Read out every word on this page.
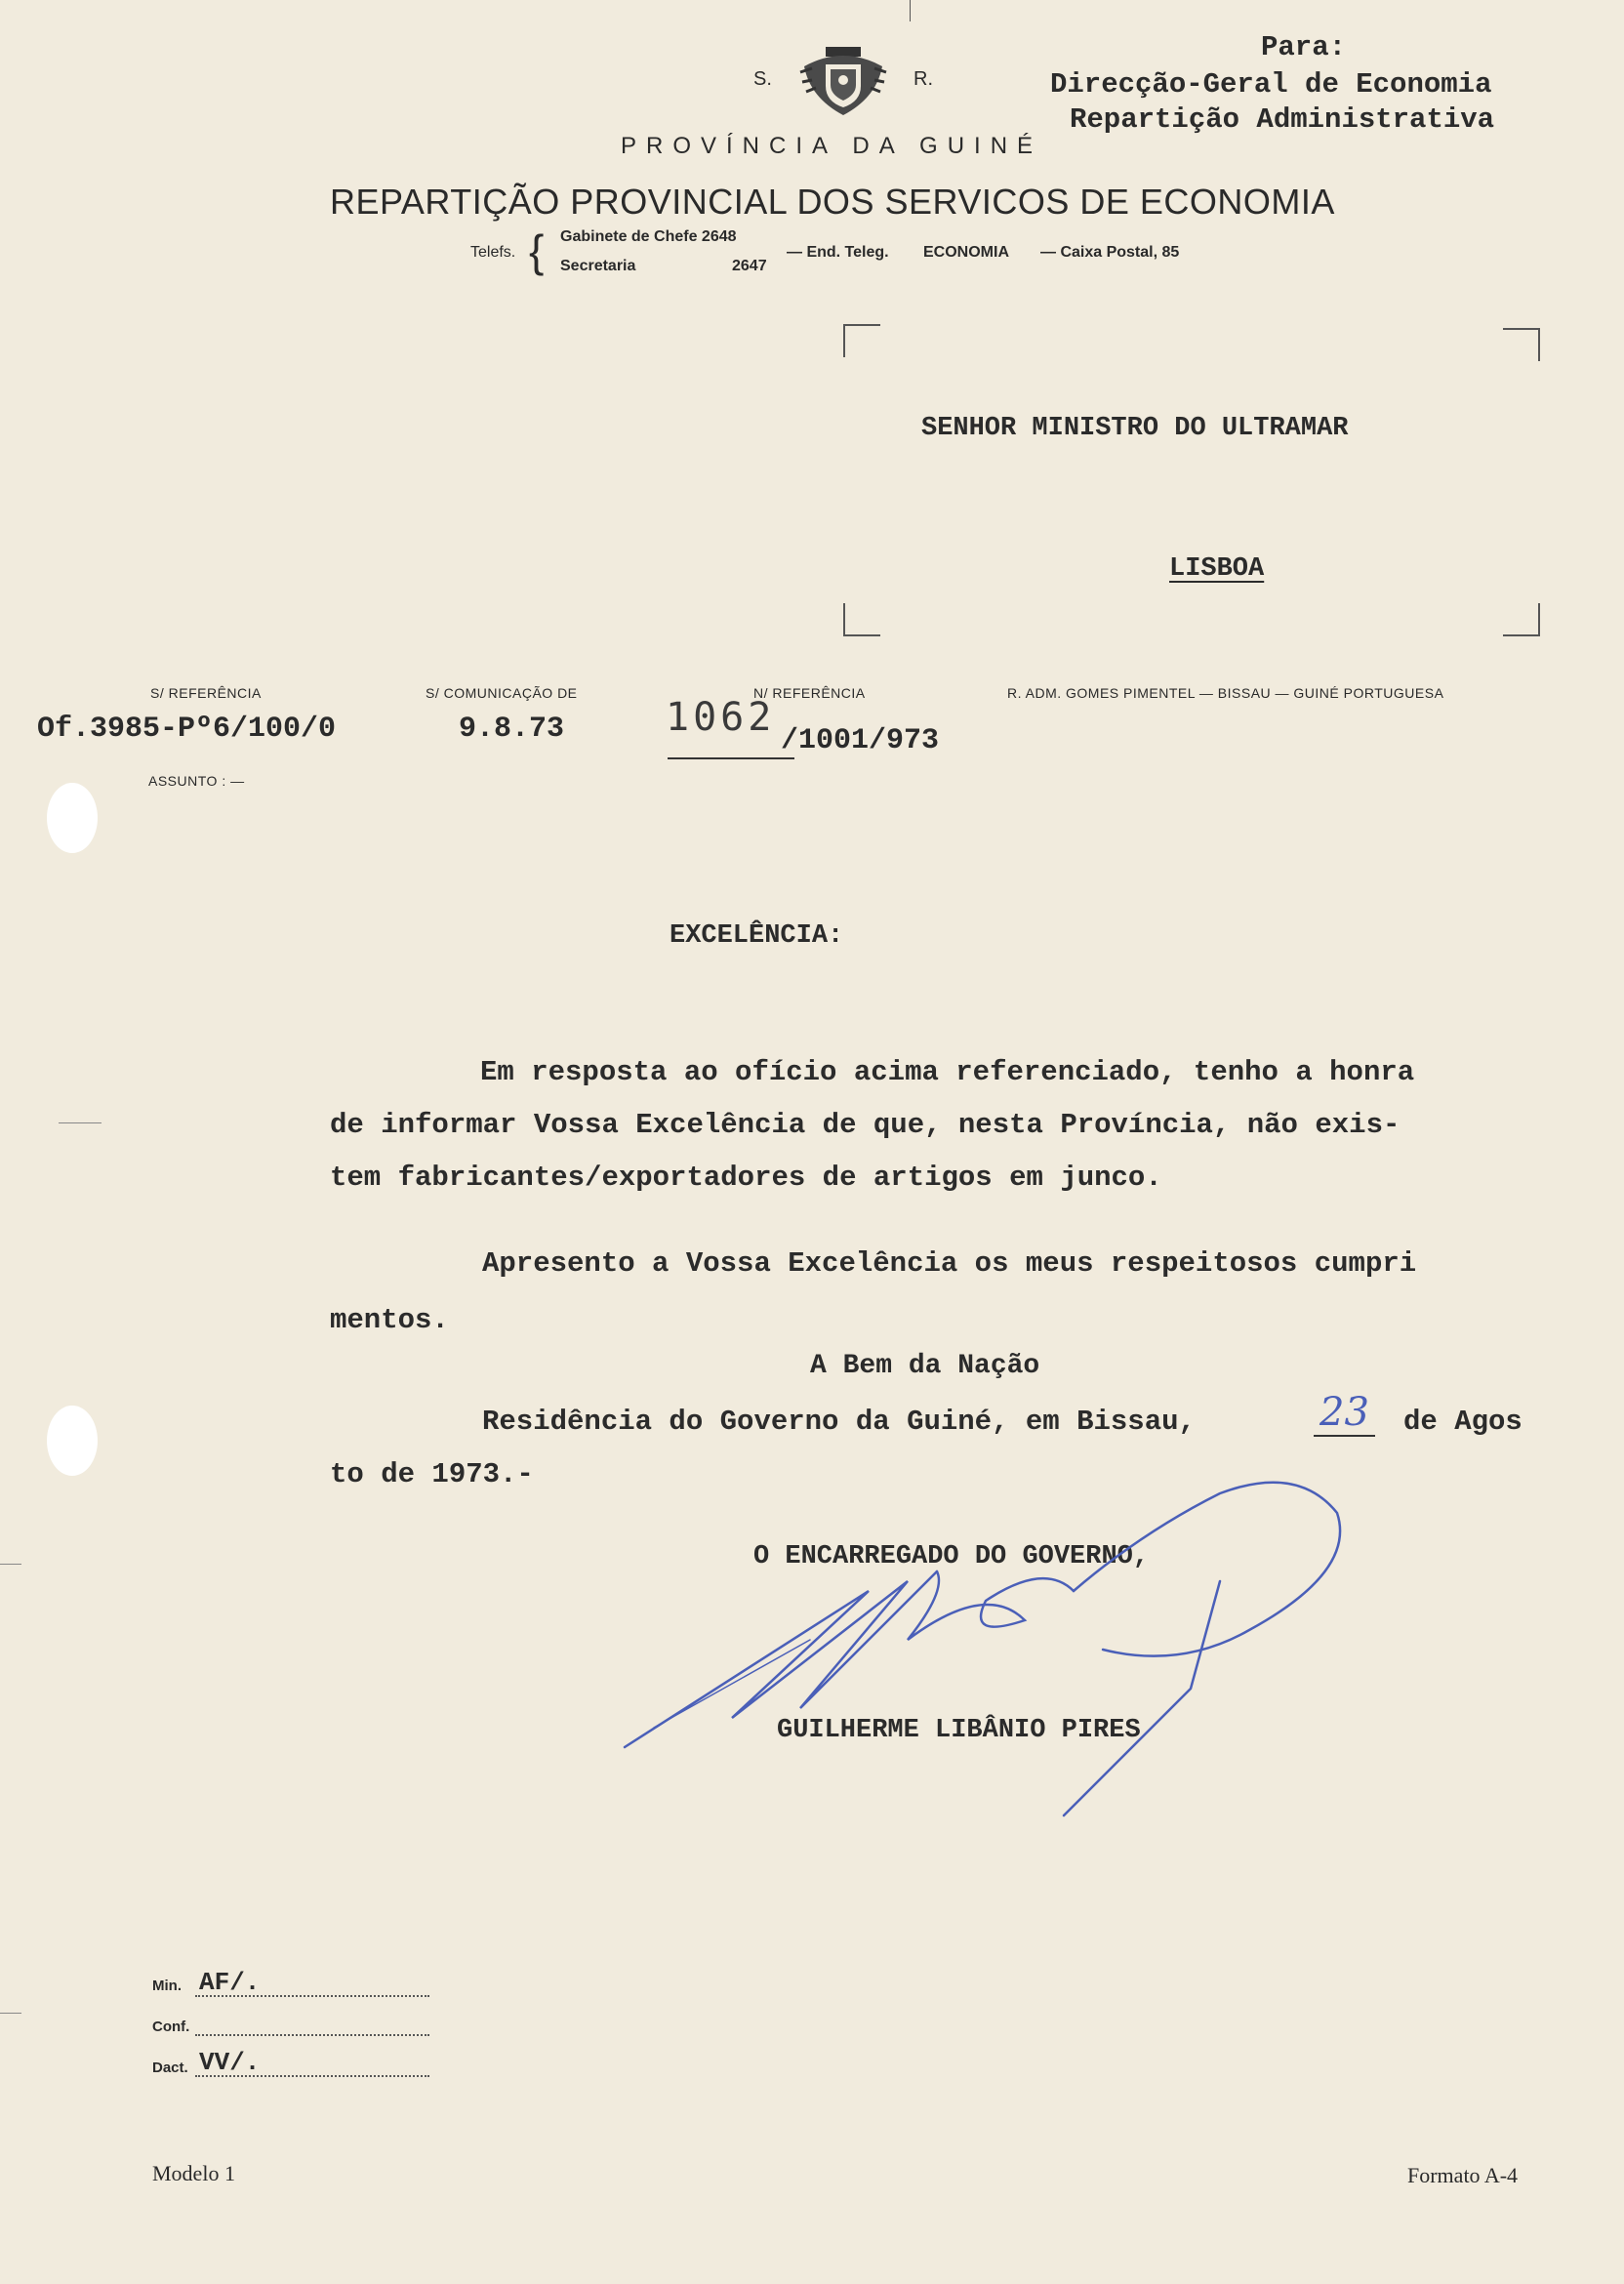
S.	R.
PROVÍNCIA DA GUINÉ
REPARTIÇÃO PROVINCIAL DOS SERVICOS DE ECONOMIA
Telefs. { Gabinete de Chefe 2648
Secretaria	2647
— End. Teleg. ECONOMIA — Caixa Postal, 85
Para:
Direcção-Geral de Economia
Repartição Administrativa
SENHOR MINISTRO DO ULTRAMAR
LISBOA
S/ REFERÊNCIA	S/ COMUNICAÇÃO DE	N/ REFERÊNCIA	R. ADM. GOMES PIMENTEL — BISSAU — GUINÉ PORTUGUESA
Of.3985-Pº6/100/0	9.8.73	1062
/1001/973
ASSUNTO : —
EXCELÊNCIA:
Em resposta ao ofício acima referenciado, tenho a honra
de informar Vossa Excelência de que, nesta Província, não exis-
tem fabricantes/exportadores de artigos em junco.
Apresento a Vossa Excelência os meus respeitosos cumpri
mentos.
A Bem da Nação
Residência do Governo da Guiné, em Bissau,	23 de Agos
to de 1973.-
O ENCARREGADO DO GOVERNO,
GUILHERME LIBÂNIO PIRES
Min. AF/.
Conf.
Dact. VV/.
Modelo 1	Formato A-4
